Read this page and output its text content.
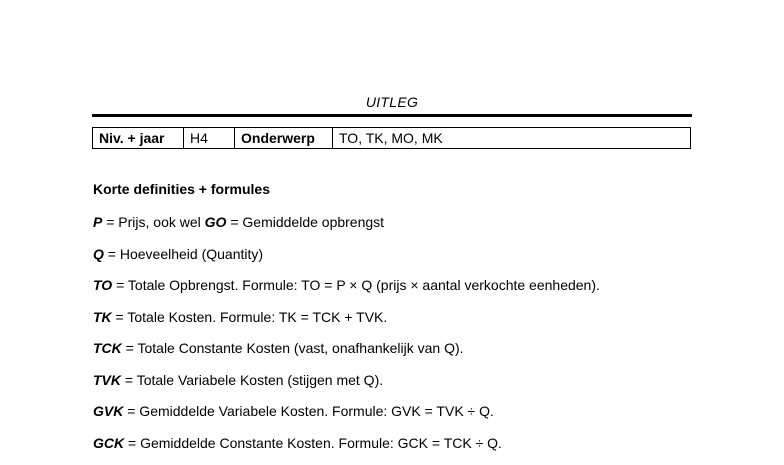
UITLEG
Niv. + jaar	H4	Onderwerp	TO, TK, MO, MK
Korte definities + formules
P = Prijs, ook wel GO = Gemiddelde opbrengst
Q = Hoeveelheid (Quantity)
TO = Totale Opbrengst. Formule: TO = P × Q (prijs × aantal verkochte eenheden).
TK = Totale Kosten. Formule: TK = TCK + TVK.
TCK = Totale Constante Kosten (vast, onafhankelijk van Q).
TVK = Totale Variabele Kosten (stijgen met Q).
GVK = Gemiddelde Variabele Kosten. Formule: GVK = TVK ÷ Q.
GCK = Gemiddelde Constante Kosten. Formule: GCK = TCK ÷ Q.
